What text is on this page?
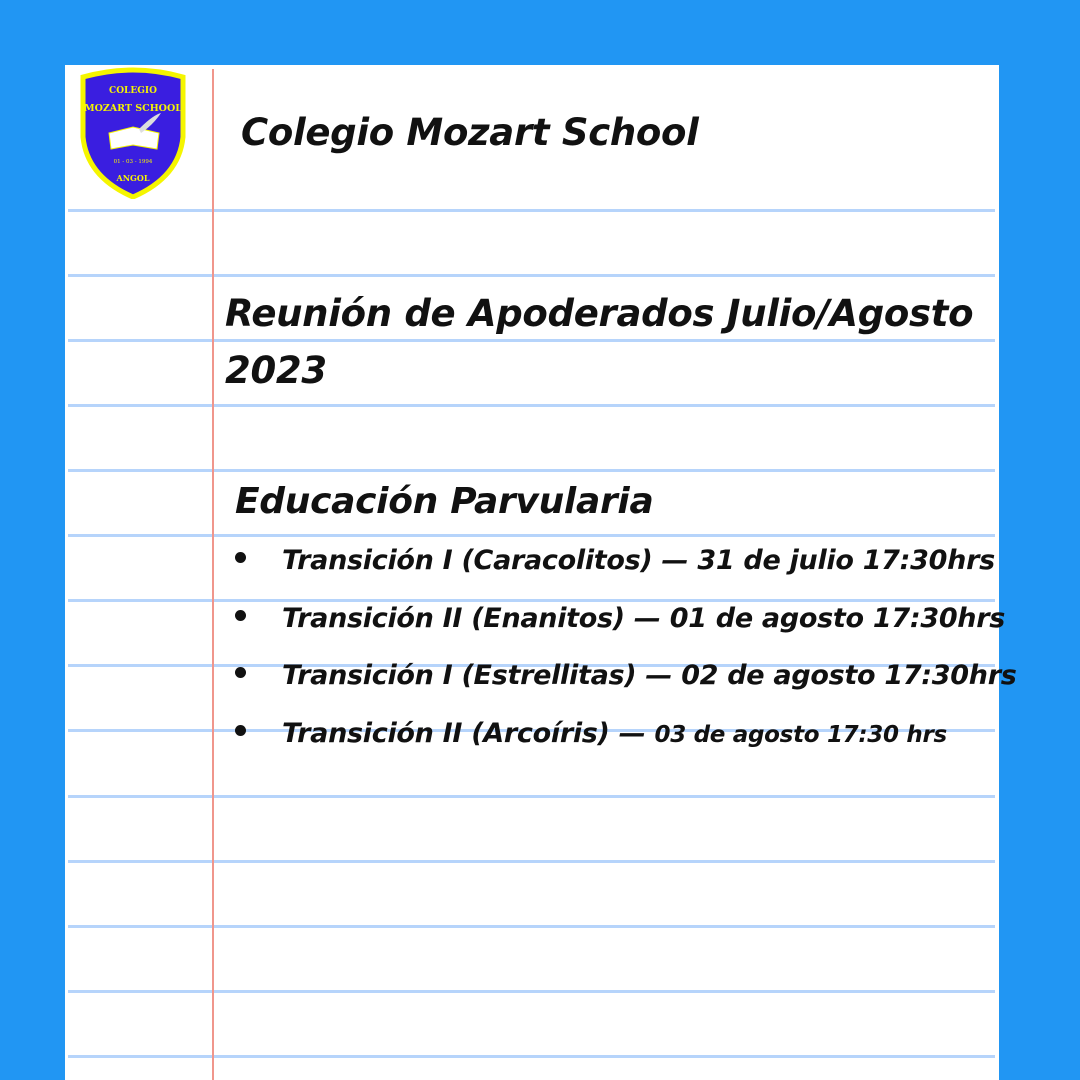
COLEGIO
MOZART SCHOOL
01 - 03 - 1994
ANGOL
Colegio Mozart School
Reunión de Apoderados Julio/Agosto
2023
Educación Parvularia
Transición I (Caracolitos) — 31 de julio 17:30hrs
Transición II (Enanitos) — 01 de agosto 17:30hrs
Transición I (Estrellitas) — 02 de agosto 17:30hrs
Transición II (Arcoíris) — 03 de agosto 17:30 hrs
